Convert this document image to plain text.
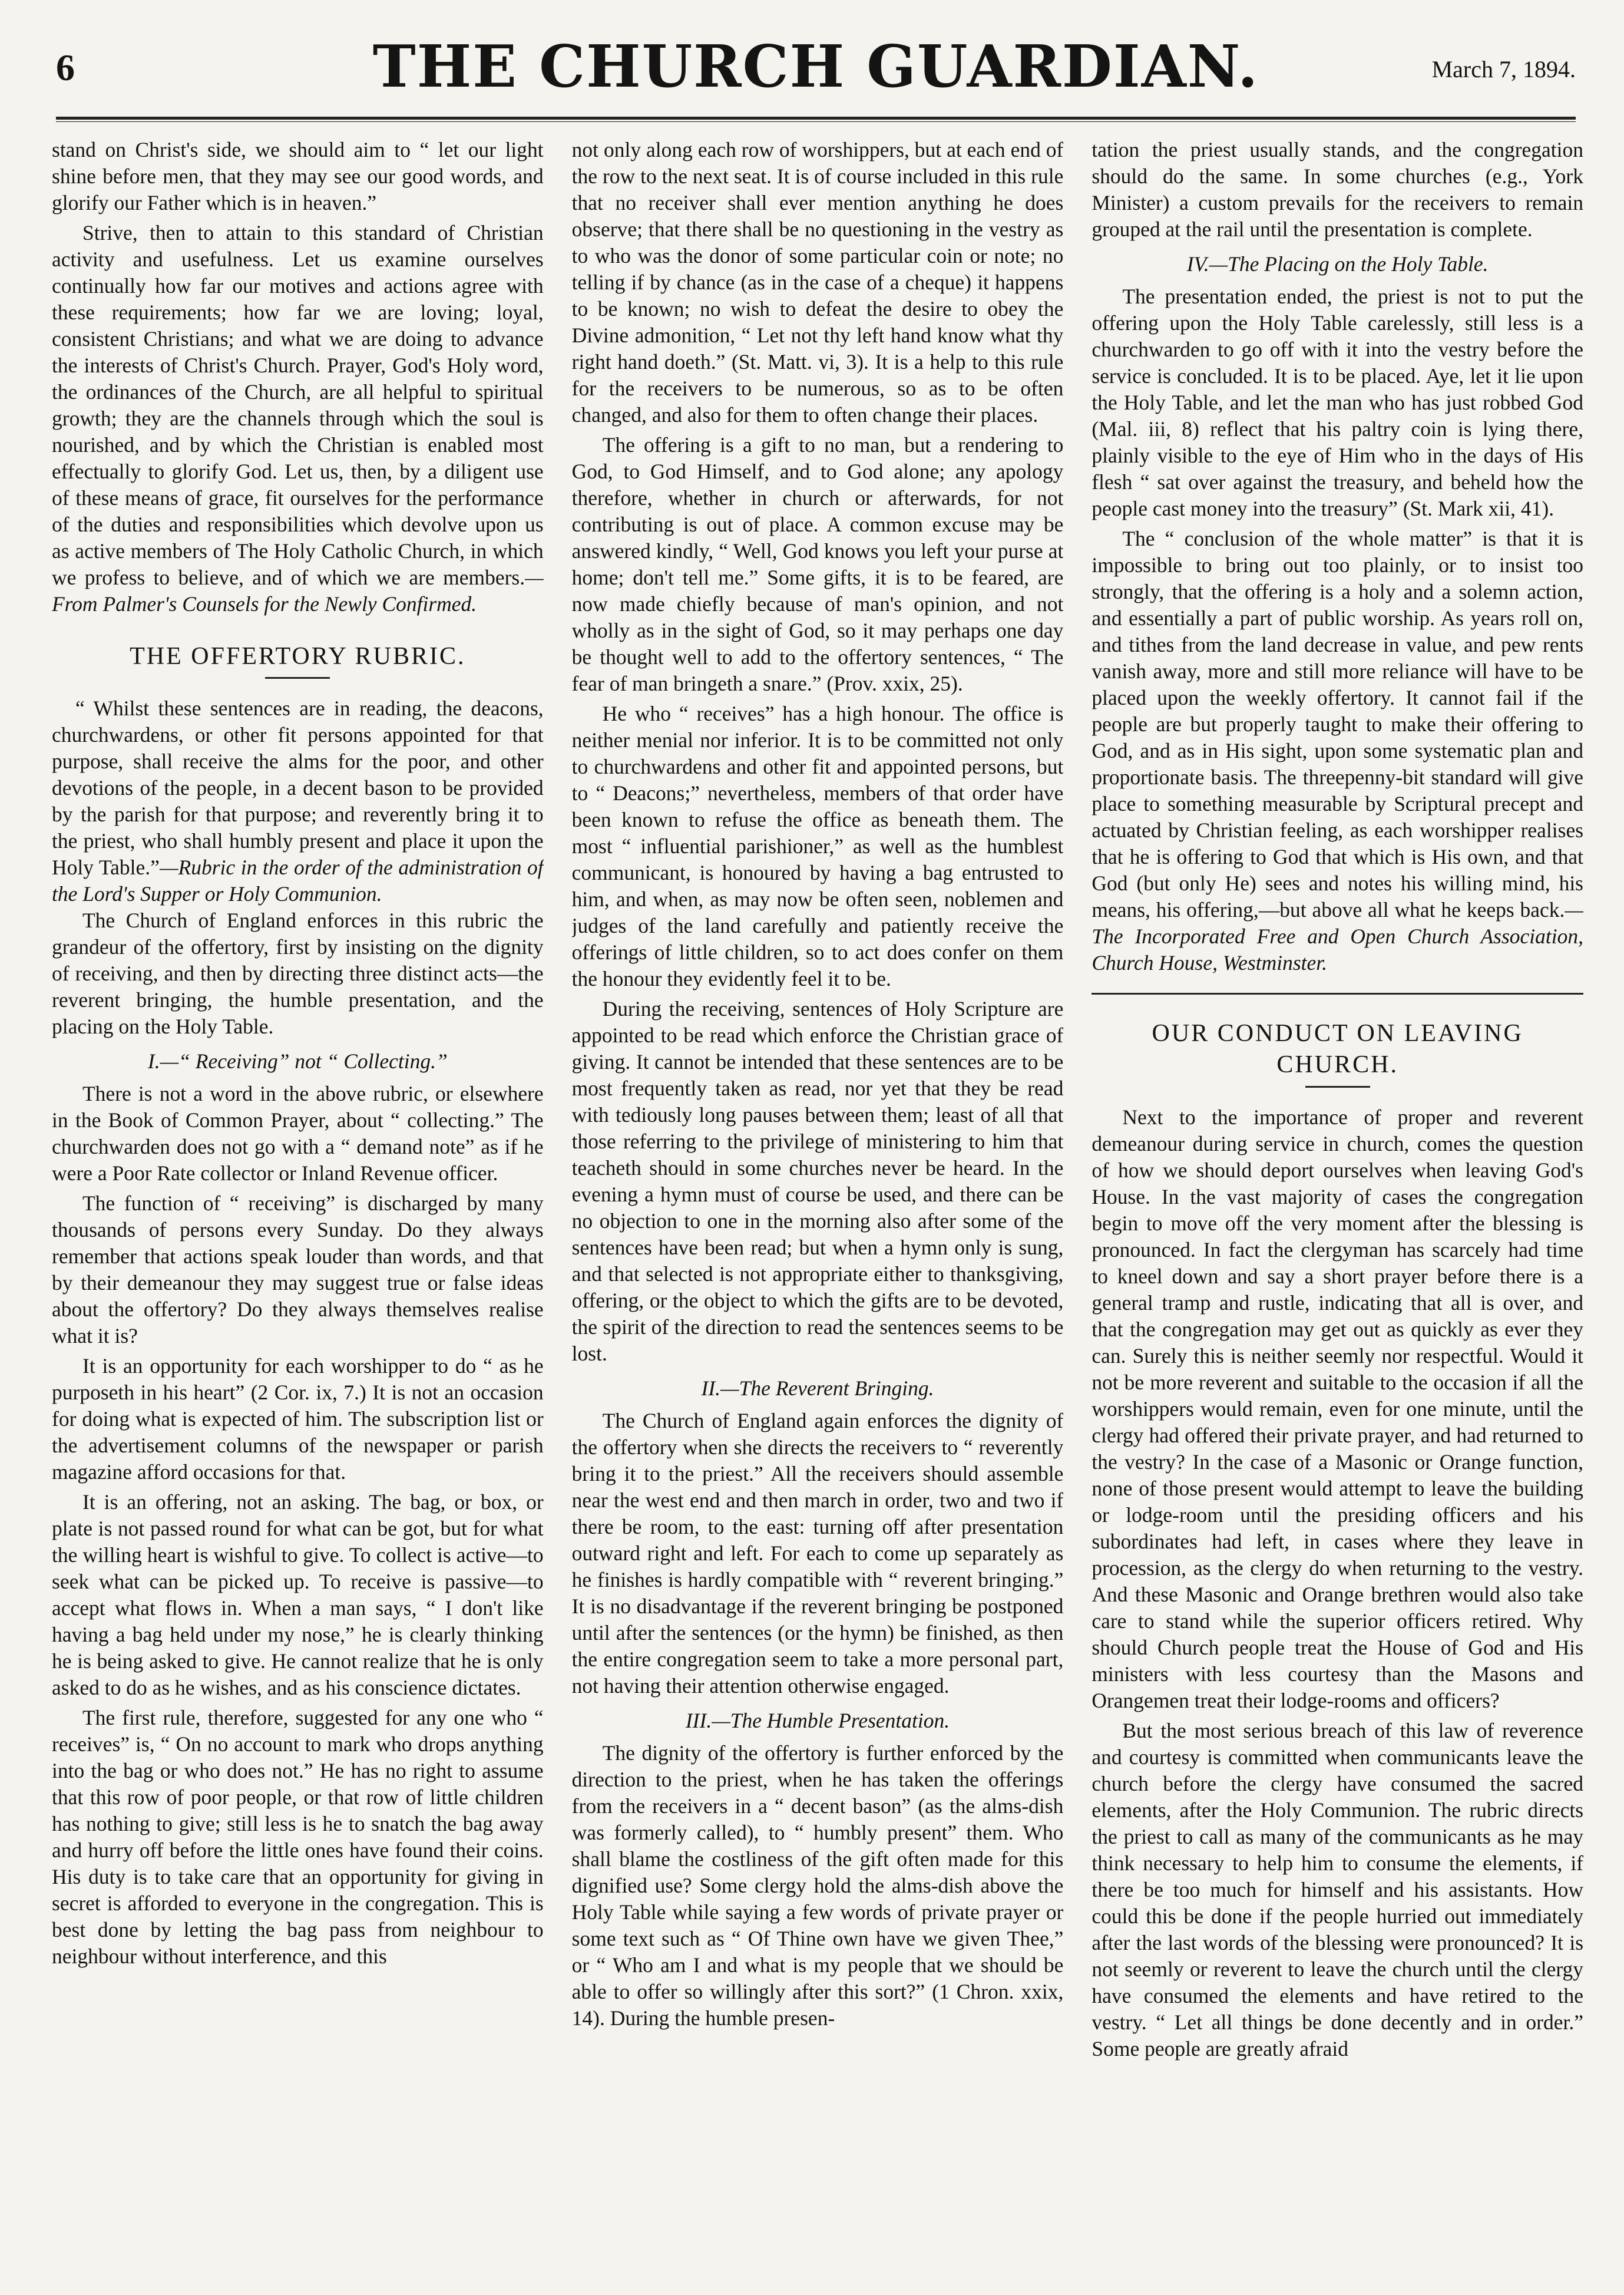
6	THE CHURCH GUARDIAN.	March 7, 1894.

stand on Christ's side, we should aim to “ let our light shine before men, that they may see our good words, and glorify our Father which is in heaven.”

Strive, then to attain to this standard of Christian activity and usefulness. Let us examine ourselves continually how far our motives and actions agree with these requirements; how far we are loving; loyal, consistent Christians; and what we are doing to advance the interests of Christ's Church. Prayer, God's Holy word, the ordinances of the Church, are all helpful to spiritual growth; they are the channels through which the soul is nourished, and by which the Christian is enabled most effectually to glorify God. Let us, then, by a diligent use of these means of grace, fit ourselves for the performance of the duties and responsibilities which devolve upon us as active members of The Holy Catholic Church, in which we profess to believe, and of which we are members.—From Palmer's Counsels for the Newly Confirmed.

THE OFFERTORY RUBRIC.

“ Whilst these sentences are in reading, the deacons, churchwardens, or other fit persons appointed for that purpose, shall receive the alms for the poor, and other devotions of the people, in a decent bason to be provided by the parish for that purpose; and reverently bring it to the priest, who shall humbly present and place it upon the Holy Table.”—Rubric in the order of the administration of the Lord's Supper or Holy Communion.

The Church of England enforces in this rubric the grandeur of the offertory, first by insisting on the dignity of receiving, and then by directing three distinct acts—the reverent bringing, the humble presentation, and the placing on the Holy Table.

I.—“ Receiving” not “ Collecting.”

There is not a word in the above rubric, or elsewhere in the Book of Common Prayer, about “ collecting.” The churchwarden does not go with a “ demand note” as if he were a Poor Rate collector or Inland Revenue officer.

The function of “ receiving” is discharged by many thousands of persons every Sunday. Do they always remember that actions speak louder than words, and that by their demeanour they may suggest true or false ideas about the offertory? Do they always themselves realise what it is?

It is an opportunity for each worshipper to do “ as he purposeth in his heart” (2 Cor. ix, 7.) It is not an occasion for doing what is expected of him. The subscription list or the advertisement columns of the newspaper or parish magazine afford occasions for that.

It is an offering, not an asking. The bag, or box, or plate is not passed round for what can be got, but for what the willing heart is wishful to give. To collect is active—to seek what can be picked up. To receive is passive—to accept what flows in. When a man says, “ I don't like having a bag held under my nose,” he is clearly thinking he is being asked to give. He cannot realize that he is only asked to do as he wishes, and as his conscience dictates.

The first rule, therefore, suggested for any one who “ receives” is, “ On no account to mark who drops anything into the bag or who does not.” He has no right to assume that this row of poor people, or that row of little children has nothing to give; still less is he to snatch the bag away and hurry off before the little ones have found their coins. His duty is to take care that an opportunity for giving in secret is afforded to everyone in the congregation. This is best done by letting the bag pass from neighbour to neighbour without interference, and this

not only along each row of worshippers, but at each end of the row to the next seat. It is of course included in this rule that no receiver shall ever mention anything he does observe; that there shall be no questioning in the vestry as to who was the donor of some particular coin or note; no telling if by chance (as in the case of a cheque) it happens to be known; no wish to defeat the desire to obey the Divine admonition, “ Let not thy left hand know what thy right hand doeth.” (St. Matt. vi, 3). It is a help to this rule for the receivers to be numerous, so as to be often changed, and also for them to often change their places.

The offering is a gift to no man, but a rendering to God, to God Himself, and to God alone; any apology therefore, whether in church or afterwards, for not contributing is out of place. A common excuse may be answered kindly, “ Well, God knows you left your purse at home; don't tell me.” Some gifts, it is to be feared, are now made chiefly because of man's opinion, and not wholly as in the sight of God, so it may perhaps one day be thought well to add to the offertory sentences, “ The fear of man bringeth a snare.” (Prov. xxix, 25).

He who “ receives” has a high honour. The office is neither menial nor inferior. It is to be committed not only to churchwardens and other fit and appointed persons, but to “ Deacons;” nevertheless, members of that order have been known to refuse the office as beneath them. The most “ influential parishioner,” as well as the humblest communicant, is honoured by having a bag entrusted to him, and when, as may now be often seen, noblemen and judges of the land carefully and patiently receive the offerings of little children, so to act does confer on them the honour they evidently feel it to be.

During the receiving, sentences of Holy Scripture are appointed to be read which enforce the Christian grace of giving. It cannot be intended that these sentences are to be most frequently taken as read, nor yet that they be read with tediously long pauses between them; least of all that those referring to the privilege of ministering to him that teacheth should in some churches never be heard. In the evening a hymn must of course be used, and there can be no objection to one in the morning also after some of the sentences have been read; but when a hymn only is sung, and that selected is not appropriate either to thanksgiving, offering, or the object to which the gifts are to be devoted, the spirit of the direction to read the sentences seems to be lost.

II.—The Reverent Bringing.

The Church of England again enforces the dignity of the offertory when she directs the receivers to “ reverently bring it to the priest.” All the receivers should assemble near the west end and then march in order, two and two if there be room, to the east: turning off after presentation outward right and left. For each to come up separately as he finishes is hardly compatible with “ reverent bringing.” It is no disadvantage if the reverent bringing be postponed until after the sentences (or the hymn) be finished, as then the entire congregation seem to take a more personal part, not having their attention otherwise engaged.

III.—The Humble Presentation.

The dignity of the offertory is further enforced by the direction to the priest, when he has taken the offerings from the receivers in a “ decent bason” (as the alms-dish was formerly called), to “ humbly present” them. Who shall blame the costliness of the gift often made for this dignified use? Some clergy hold the alms-dish above the Holy Table while saying a few words of private prayer or some text such as “ Of Thine own have we given Thee,” or “ Who am I and what is my people that we should be able to offer so willingly after this sort?” (1 Chron. xxix, 14). During the humble presen-

tation the priest usually stands, and the congregation should do the same. In some churches (e.g., York Minister) a custom prevails for the receivers to remain grouped at the rail until the presentation is complete.

IV.—The Placing on the Holy Table.

The presentation ended, the priest is not to put the offering upon the Holy Table carelessly, still less is a churchwarden to go off with it into the vestry before the service is concluded. It is to be placed. Aye, let it lie upon the Holy Table, and let the man who has just robbed God (Mal. iii, 8) reflect that his paltry coin is lying there, plainly visible to the eye of Him who in the days of His flesh “ sat over against the treasury, and beheld how the people cast money into the treasury” (St. Mark xii, 41).

The “ conclusion of the whole matter” is that it is impossible to bring out too plainly, or to insist too strongly, that the offering is a holy and a solemn action, and essentially a part of public worship. As years roll on, and tithes from the land decrease in value, and pew rents vanish away, more and still more reliance will have to be placed upon the weekly offertory. It cannot fail if the people are but properly taught to make their offering to God, and as in His sight, upon some systematic plan and proportionate basis. The threepenny-bit standard will give place to something measurable by Scriptural precept and actuated by Christian feeling, as each worshipper realises that he is offering to God that which is His own, and that God (but only He) sees and notes his willing mind, his means, his offering,—but above all what he keeps back.—The Incorporated Free and Open Church Association, Church House, Westminster.

OUR CONDUCT ON LEAVING CHURCH.

Next to the importance of proper and reverent demeanour during service in church, comes the question of how we should deport ourselves when leaving God's House. In the vast majority of cases the congregation begin to move off the very moment after the blessing is pronounced. In fact the clergyman has scarcely had time to kneel down and say a short prayer before there is a general tramp and rustle, indicating that all is over, and that the congregation may get out as quickly as ever they can. Surely this is neither seemly nor respectful. Would it not be more reverent and suitable to the occasion if all the worshippers would remain, even for one minute, until the clergy had offered their private prayer, and had returned to the vestry? In the case of a Masonic or Orange function, none of those present would attempt to leave the building or lodge-room until the presiding officers and his subordinates had left, in cases where they leave in procession, as the clergy do when returning to the vestry. And these Masonic and Orange brethren would also take care to stand while the superior officers retired. Why should Church people treat the House of God and His ministers with less courtesy than the Masons and Orangemen treat their lodge-rooms and officers?

But the most serious breach of this law of reverence and courtesy is committed when communicants leave the church before the clergy have consumed the sacred elements, after the Holy Communion. The rubric directs the priest to call as many of the communicants as he may think necessary to help him to consume the elements, if there be too much for himself and his assistants. How could this be done if the people hurried out immediately after the last words of the blessing were pronounced? It is not seemly or reverent to leave the church until the clergy have consumed the elements and have retired to the vestry. “ Let all things be done decently and in order.” Some people are greatly afraid
